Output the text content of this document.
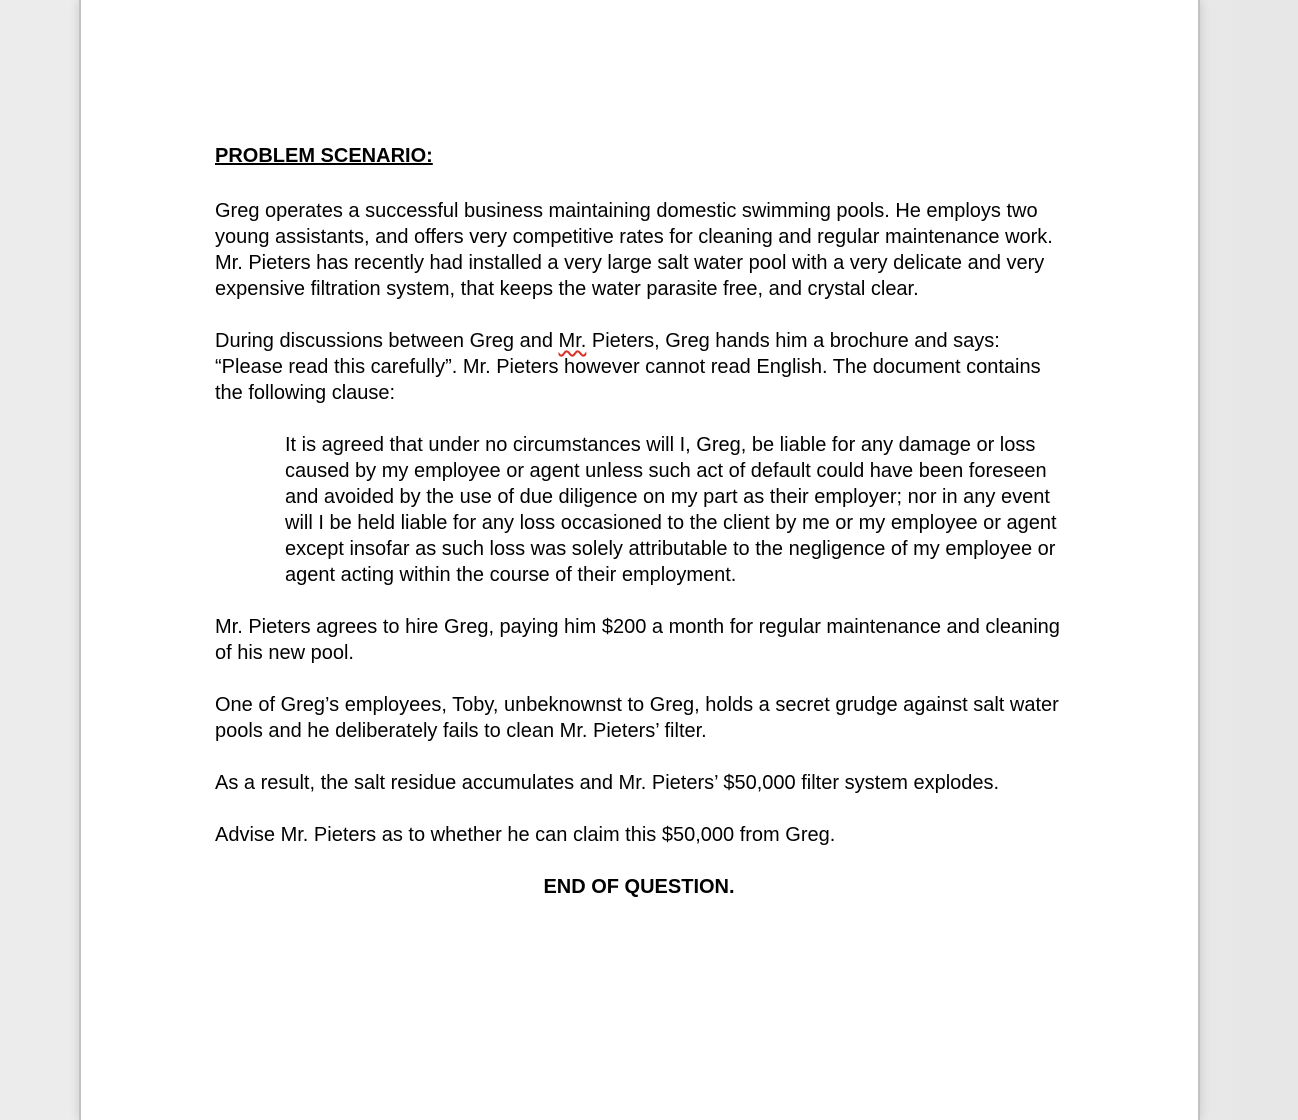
PROBLEM SCENARIO:

Greg operates a successful business maintaining domestic swimming pools. He employs two young assistants, and offers very competitive rates for cleaning and regular maintenance work. Mr. Pieters has recently had installed a very large salt water pool with a very delicate and very expensive filtration system, that keeps the water parasite free, and crystal clear.

During discussions between Greg and Mr. Pieters, Greg hands him a brochure and says: “Please read this carefully”. Mr. Pieters however cannot read English. The document contains the following clause:

It is agreed that under no circumstances will I, Greg, be liable for any damage or loss caused by my employee or agent unless such act of default could have been foreseen and avoided by the use of due diligence on my part as their employer; nor in any event will I be held liable for any loss occasioned to the client by me or my employee or agent except insofar as such loss was solely attributable to the negligence of my employee or agent acting within the course of their employment.

Mr. Pieters agrees to hire Greg, paying him $200 a month for regular maintenance and cleaning of his new pool.

One of Greg’s employees, Toby, unbeknownst to Greg, holds a secret grudge against salt water pools and he deliberately fails to clean Mr. Pieters’ filter.

As a result, the salt residue accumulates and Mr. Pieters’ $50,000 filter system explodes.

Advise Mr. Pieters as to whether he can claim this $50,000 from Greg.

END OF QUESTION.
